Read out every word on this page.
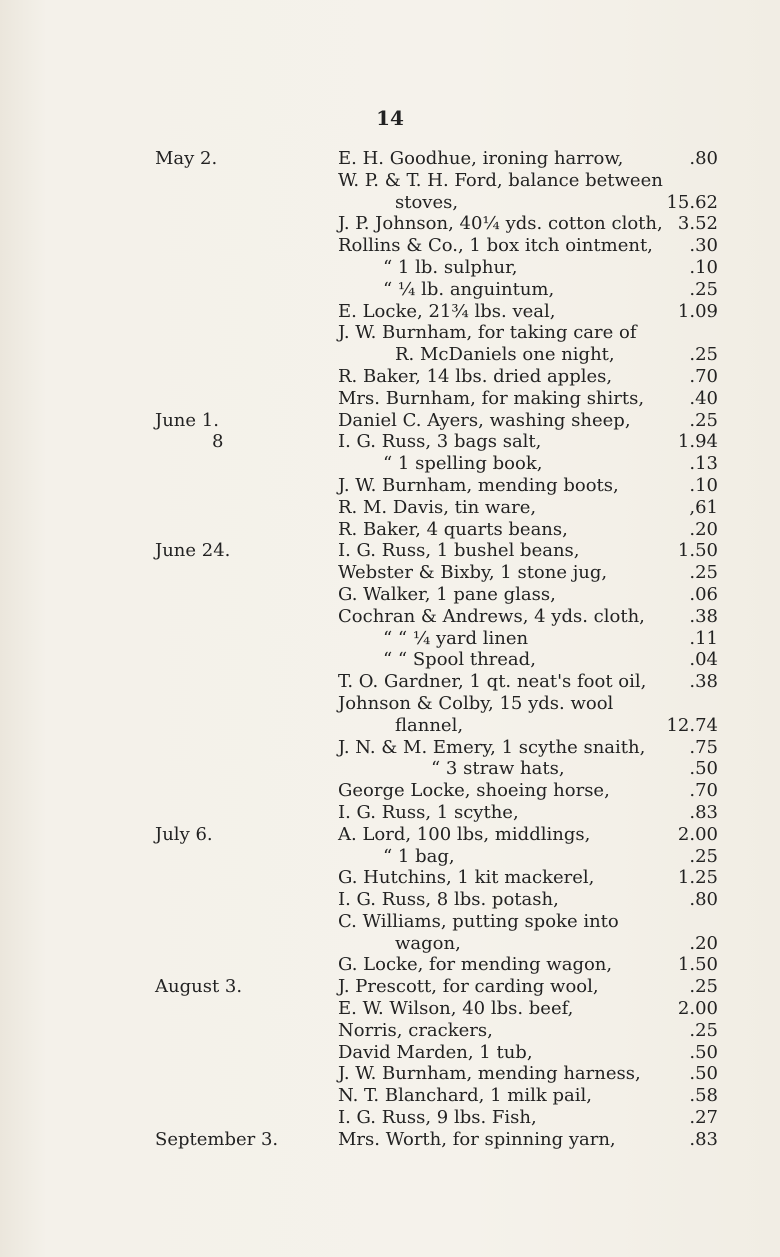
14
May 2.	E. H. Goodhue, ironing harrow,	.80
W. P. & T. H. Ford, balance between
stoves,	15.62
J. P. Johnson, 40¼ yds. cotton cloth, 3.52
Rollins & Co., 1 box itch ointment, .30
“ 1 lb. sulphur,	.10
“ ¼ lb. anguintum,	.25
E. Locke, 21¾ lbs. veal,	1.09
J. W. Burnham, for taking care of
R. McDaniels one night,	.25
R. Baker, 14 lbs. dried apples,	.70
Mrs. Burnham, for making shirts,	.40
June 1.	Daniel C. Ayers, washing sheep,	.25
8	I. G. Russ, 3 bags salt,	1.94
“ 1 spelling book,	.13
J. W. Burnham, mending boots,	.10
R. M. Davis, tin ware,	,61
R. Baker, 4 quarts beans,	.20
June 24.	I. G. Russ, 1 bushel beans,	1.50
Webster & Bixby, 1 stone jug,	.25
G. Walker, 1 pane glass,	.06
Cochran & Andrews, 4 yds. cloth, .38
“ “ ¼ yard linen	.11
“ “ Spool thread,	.04
T. O. Gardner, 1 qt. neat's foot oil, .38
Johnson & Colby, 15 yds. wool
flannel,	12.74
J. N. & M. Emery, 1 scythe snaith, .75
“ 3 straw hats,	.50
George Locke, shoeing horse,	.70
I. G. Russ, 1 scythe,	.83
July 6.	A. Lord, 100 lbs, middlings,	2.00
“ 1 bag,	.25
G. Hutchins, 1 kit mackerel,	1.25
I. G. Russ, 8 lbs. potash,	.80
C. Williams, putting spoke into
wagon,	.20
G. Locke, for mending wagon,	1.50
August 3.	J. Prescott, for carding wool,	.25
E. W. Wilson, 40 lbs. beef,	2.00
Norris, crackers,	.25
David Marden, 1 tub,	.50
J. W. Burnham, mending harness,	.50
N. T. Blanchard, 1 milk pail,	.58
I. G. Russ, 9 lbs. Fish,	.27
September 3.	Mrs. Worth, for spinning yarn,	.83
